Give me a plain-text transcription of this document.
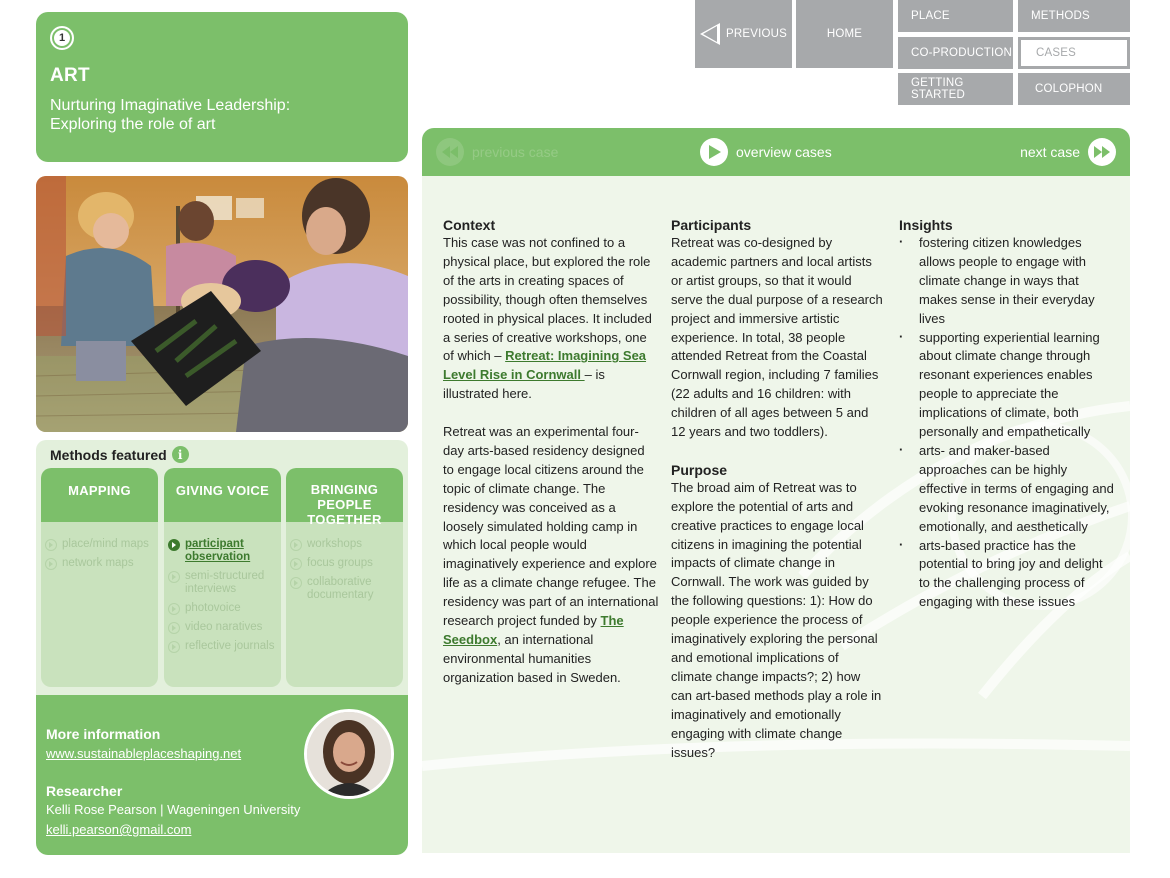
PREVIOUS	HOME
PLACE	METHODS
CO-PRODUCTION CASES
GETTING STARTED	COLOPHON
1
ART
Nurturing Imaginative Leadership:
Exploring the role of art
Methods featured i
MAPPING
place/mind maps
network maps
GIVING VOICE
participant observation
semi-structured interviews
photovoice
video naratives
reflective journals
BRINGING PEOPLE TOGETHER
workshops
focus groups
collaborative documentary
More information
www.sustainableplaceshaping.net
Researcher
Kelli Rose Pearson | Wageningen University
kelli.pearson@gmail.com
previous case	overview cases	next case
Context

This case was not confined to a physical place, but explored the role of the arts in creating spaces of possibility, though often themselves rooted in physical places. It included a series of creative workshops, one of which – Retreat: Imagining Sea Level Rise in Cornwall – is illustrated here.

Retreat was an experimental four-day arts-based residency designed to engage local citizens around the topic of climate change. The residency was conceived as a loosely simulated holding camp in which local people would imaginatively experience and explore life as a climate change refugee. The residency was part of an international research project funded by The Seedbox, an international environmental humanities organization based in Sweden.

Participants

Retreat was co-designed by academic partners and local artists or artist groups, so that it would serve the dual purpose of a research project and immersive artistic experience. In total, 38 people attended Retreat from the Coastal Cornwall region, including 7 families (22 adults and 16 children: with children of all ages between 5 and 12 years and two toddlers).

Purpose

The broad aim of Retreat was to explore the potential of arts and creative practices to engage local citizens in imagining the potential impacts of climate change in Cornwall. The work was guided by the following questions: 1): How do people experience the process of imaginatively exploring the personal and emotional implications of climate change impacts?; 2) how can art-based methods play a role in imaginatively and emotionally engaging with climate change issues?

Insights
· fostering citizen knowledges allows people to engage with climate change in ways that makes sense in their everyday lives
· supporting experiential learning about climate change through resonant experiences enables people to appreciate the implications of climate, both personally and empathetically
· arts- and maker-based approaches can be highly effective in terms of engaging and evoking resonance imaginatively, emotionally, and aesthetically
· arts-based practice has the potential to bring joy and delight to the challenging process of engaging with these issues
